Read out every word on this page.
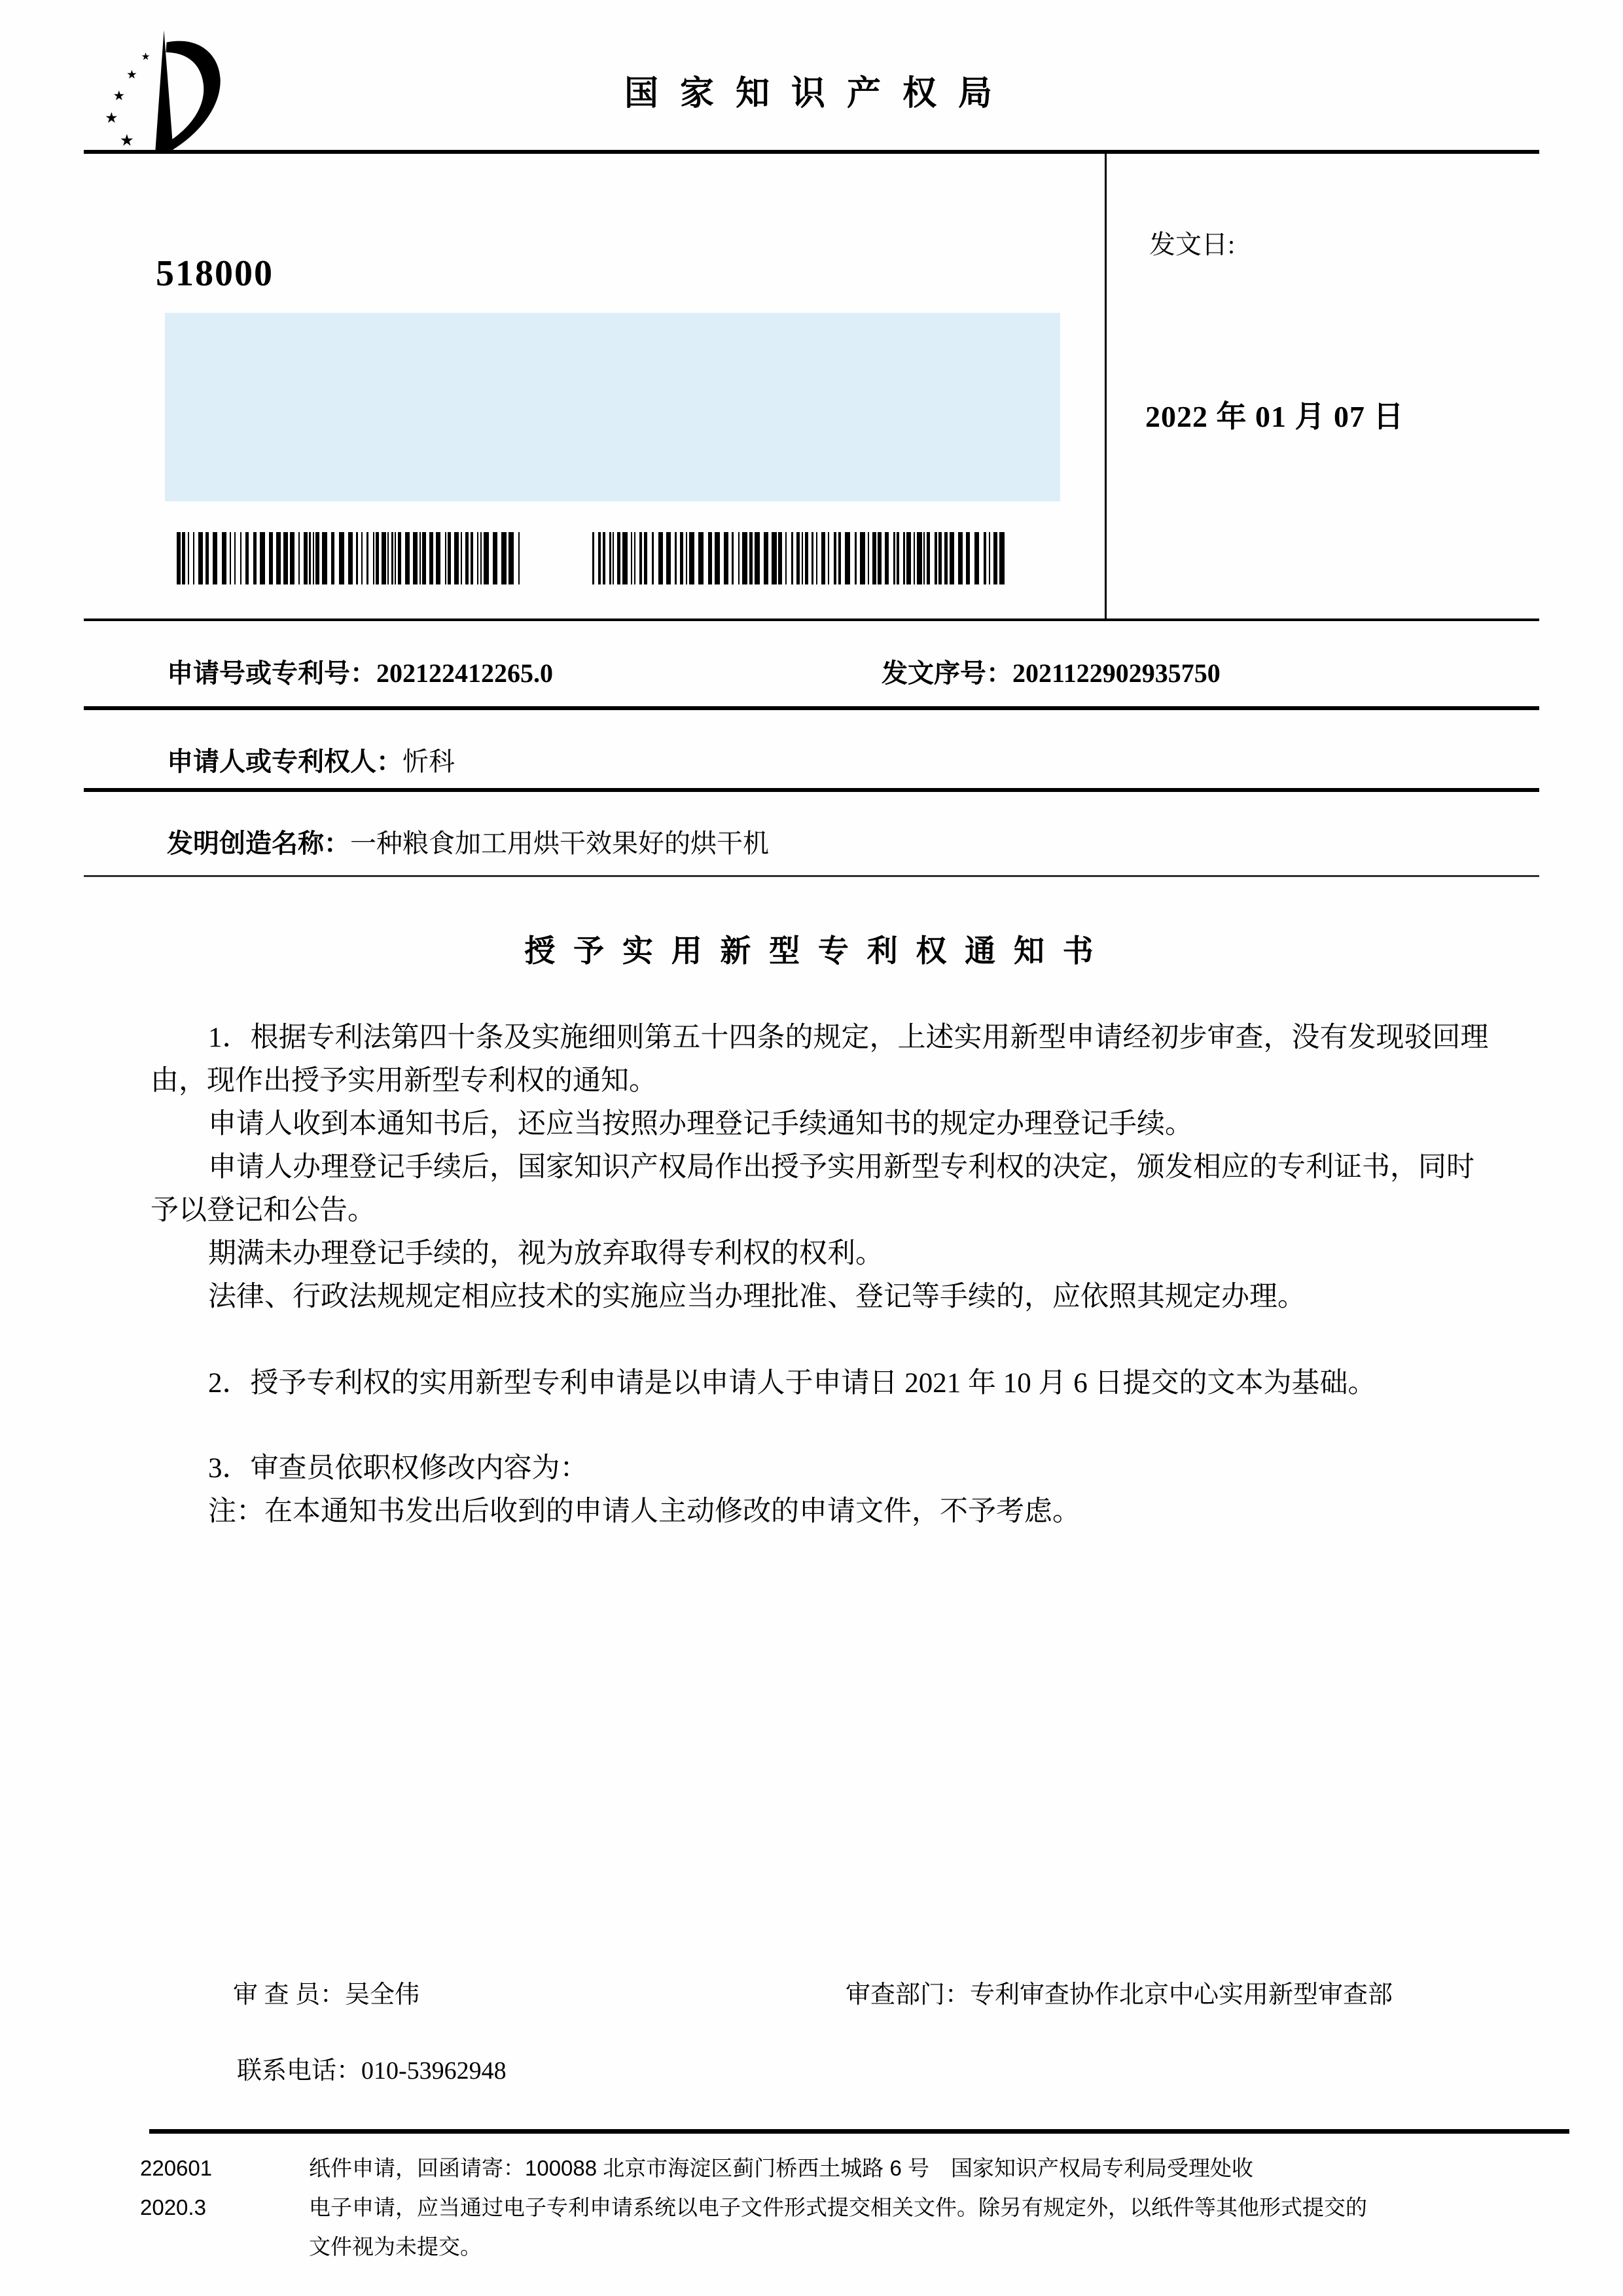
★
★
★
★
★
国 家 知 识 产 权 局
518000
发文日:
2022 年 01 月 07 日
申请号或专利号：202122412265.0	发文序号：2021122902935750
申请人或专利权人：忻科
发明创造名称：一种粮食加工用烘干效果好的烘干机
授 予 实 用 新 型 专 利 权 通 知 书
1．根据专利法第四十条及实施细则第五十四条的规定，上述实用新型申请经初步审查，没有发现驳回理
由，现作出授予实用新型专利权的通知。
申请人收到本通知书后，还应当按照办理登记手续通知书的规定办理登记手续。
申请人办理登记手续后，国家知识产权局作出授予实用新型专利权的决定，颁发相应的专利证书，同时
予以登记和公告。
期满未办理登记手续的，视为放弃取得专利权的权利。
法律、行政法规规定相应技术的实施应当办理批准、登记等手续的，应依照其规定办理。
2．授予专利权的实用新型专利申请是以申请人于申请日 2021 年 10 月 6 日提交的文本为基础。
3．审查员依职权修改内容为：
注：在本通知书发出后收到的申请人主动修改的申请文件，不予考虑。
审 查 员：吴全伟	审查部门：专利审查协作北京中心实用新型审查部
联系电话：010-53962948
220601
2020.3
纸件申请，回函请寄：100088 北京市海淀区蓟门桥西土城路 6 号　国家知识产权局专利局受理处收
电子申请，应当通过电子专利申请系统以电子文件形式提交相关文件。除另有规定外，以纸件等其他形式提交的
文件视为未提交。
